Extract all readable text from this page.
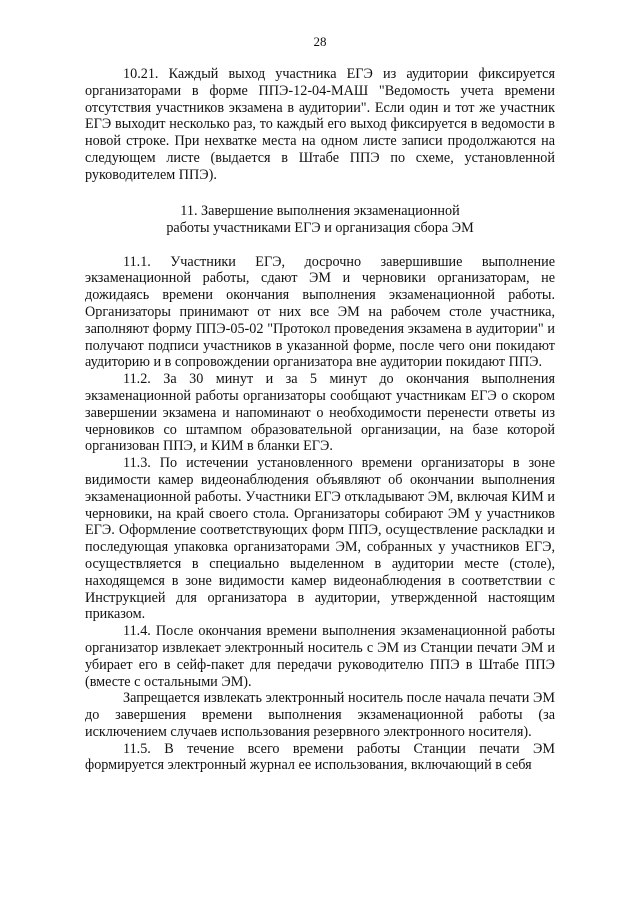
28

10.21. Каждый выход участника ЕГЭ из аудитории фиксируется организаторами в форме ППЭ-12-04-МАШ "Ведомость учета времени отсутствия участников экзамена в аудитории". Если один и тот же участник ЕГЭ выходит несколько раз, то каждый его выход фиксируется в ведомости в новой строке. При нехватке места на одном листе записи продолжаются на следующем листе (выдается в Штабе ППЭ по схеме, установленной руководителем ППЭ).

11. Завершение выполнения экзаменационной
работы участниками ЕГЭ и организация сбора ЭМ

11.1. Участники ЕГЭ, досрочно завершившие выполнение экзаменационной работы, сдают ЭМ и черновики организаторам, не дожидаясь времени окончания выполнения экзаменационной работы. Организаторы принимают от них все ЭМ на рабочем столе участника, заполняют форму ППЭ-05-02 "Протокол проведения экзамена в аудитории" и получают подписи участников в указанной форме, после чего они покидают аудиторию и в сопровождении организатора вне аудитории покидают ППЭ.

11.2. За 30 минут и за 5 минут до окончания выполнения экзаменационной работы организаторы сообщают участникам ЕГЭ о скором завершении экзамена и напоминают о необходимости перенести ответы из черновиков со штампом образовательной организации, на базе которой организован ППЭ, и КИМ в бланки ЕГЭ.

11.3. По истечении установленного времени организаторы в зоне видимости камер видеонаблюдения объявляют об окончании выполнения экзаменационной работы. Участники ЕГЭ откладывают ЭМ, включая КИМ и черновики, на край своего стола. Организаторы собирают ЭМ у участников ЕГЭ. Оформление соответствующих форм ППЭ, осуществление раскладки и последующая упаковка организаторами ЭМ, собранных у участников ЕГЭ, осуществляется в специально выделенном в аудитории месте (столе), находящемся в зоне видимости камер видеонаблюдения в соответствии с Инструкцией для организатора в аудитории, утвержденной настоящим приказом.

11.4. После окончания времени выполнения экзаменационной работы организатор извлекает электронный носитель с ЭМ из Станции печати ЭМ и убирает его в сейф-пакет для передачи руководителю ППЭ в Штабе ППЭ (вместе с остальными ЭМ).

Запрещается извлекать электронный носитель после начала печати ЭМ до завершения времени выполнения экзаменационной работы (за исключением случаев использования резервного электронного носителя).

11.5. В течение всего времени работы Станции печати ЭМ формируется электронный журнал ее использования, включающий в себя
